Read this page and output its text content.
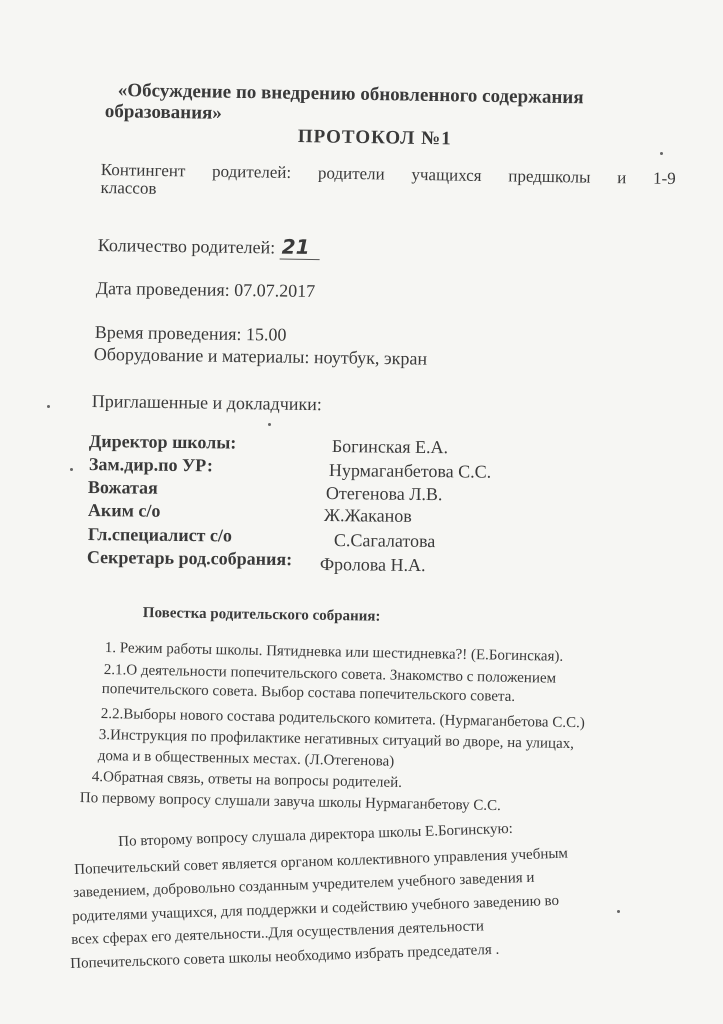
«Обсуждение по внедрению обновленного содержания
образования»
ПРОТОКОЛ №1
Контингент родителей: родители учащихся предшколы и 1-9
классов
Количество родителей: 21
Дата проведения: 07.07.2017
Время проведения: 15.00
Оборудование и материалы: ноутбук, экран
Приглашенные и докладчики:
Директор школы:	Богинская Е.А.
Зам.дир.по УР:	Нурмаганбетова С.С.
Вожатая	Отегенова Л.В.
Аким с/о	Ж.Жаканов
Гл.специалист с/о	С.Сагалатова
Секретарь род.собрания: Фролова Н.А.
Повестка родительского собрания:
1. Режим работы школы. Пятидневка или шестидневка?! (Е.Богинская).
2.1.О деятельности попечительского совета. Знакомство с положением
попечительского совета. Выбор состава попечительского совета.
2.2.Выборы нового состава родительского комитета. (Нурмаганбетова С.С.)
3.Инструкция по профилактике негативных ситуаций во дворе, на улицах,
дома и в общественных местах. (Л.Отегенова)
4.Обратная связь, ответы на вопросы родителей.
По первому вопросу слушали завуча школы Нурмаганбетову С.С.
По второму вопросу слушала директора школы Е.Богинскую:
Попечительский совет является органом коллективного управления учебным
заведением, добровольно созданным учредителем учебного заведения и
родителями учащихся, для поддержки и содействию учебного заведению во
всех сферах его деятельности..Для осуществления деятельности
Попечительского совета школы необходимо избрать председателя .
